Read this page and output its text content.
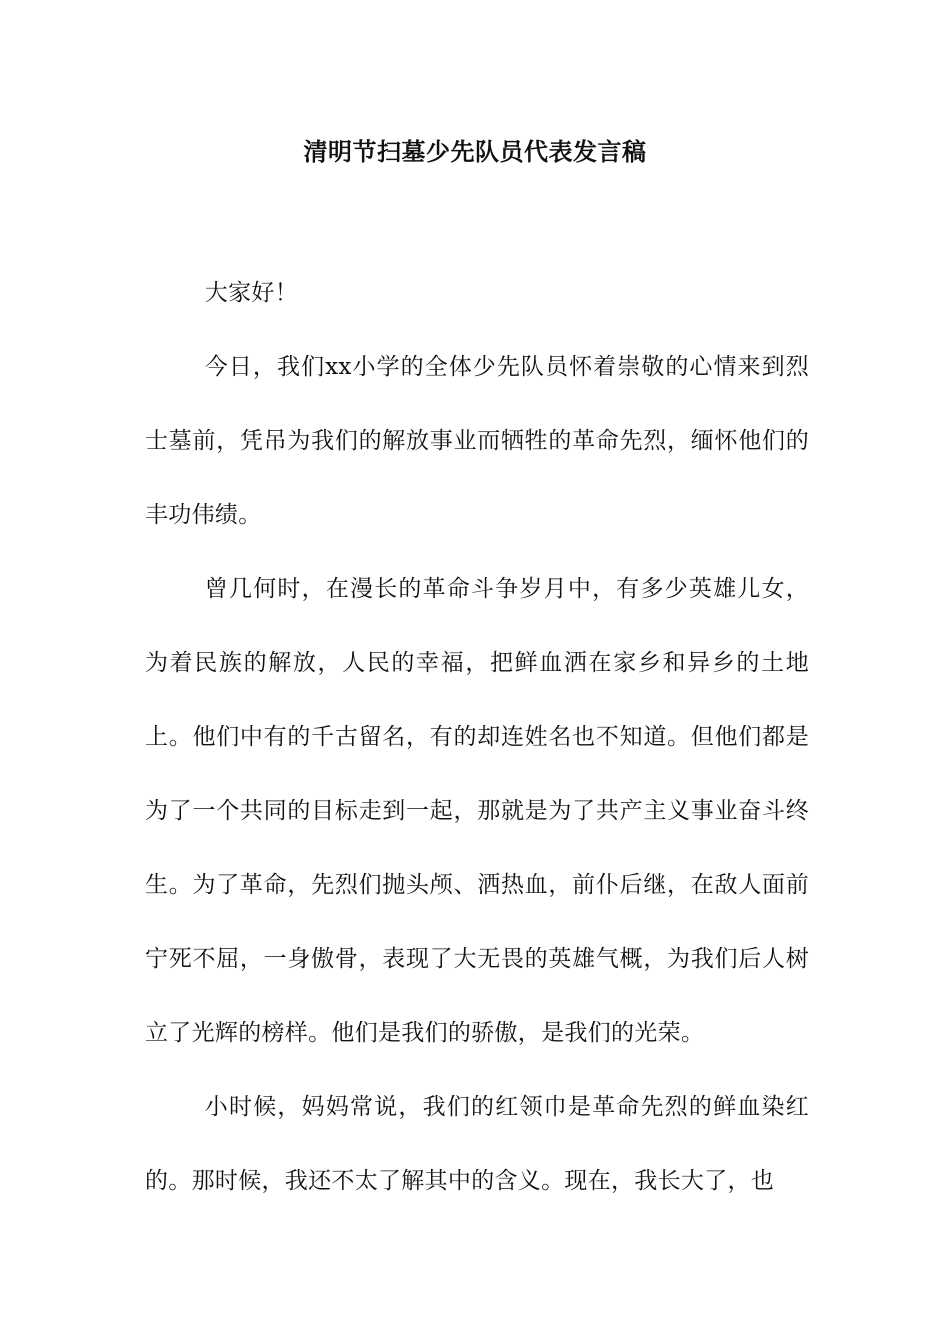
清明节扫墓少先队员代表发言稿

大家好！

今日，我们xx小学的全体少先队员怀着崇敬的心情来到烈士墓前，凭吊为我们的解放事业而牺牲的革命先烈，缅怀他们的丰功伟绩。

曾几何时，在漫长的革命斗争岁月中，有多少英雄儿女，为着民族的解放，人民的幸福，把鲜血洒在家乡和异乡的土地上。他们中有的千古留名，有的却连姓名也不知道。但他们都是为了一个共同的目标走到一起，那就是为了共产主义事业奋斗终生。为了革命，先烈们抛头颅、洒热血，前仆后继，在敌人面前宁死不屈，一身傲骨，表现了大无畏的英雄气概，为我们后人树立了光辉的榜样。他们是我们的骄傲，是我们的光荣。

小时候，妈妈常说，我们的红领巾是革命先烈的鲜血染红的。那时候，我还不太了解其中的含义。现在，我长大了，也
